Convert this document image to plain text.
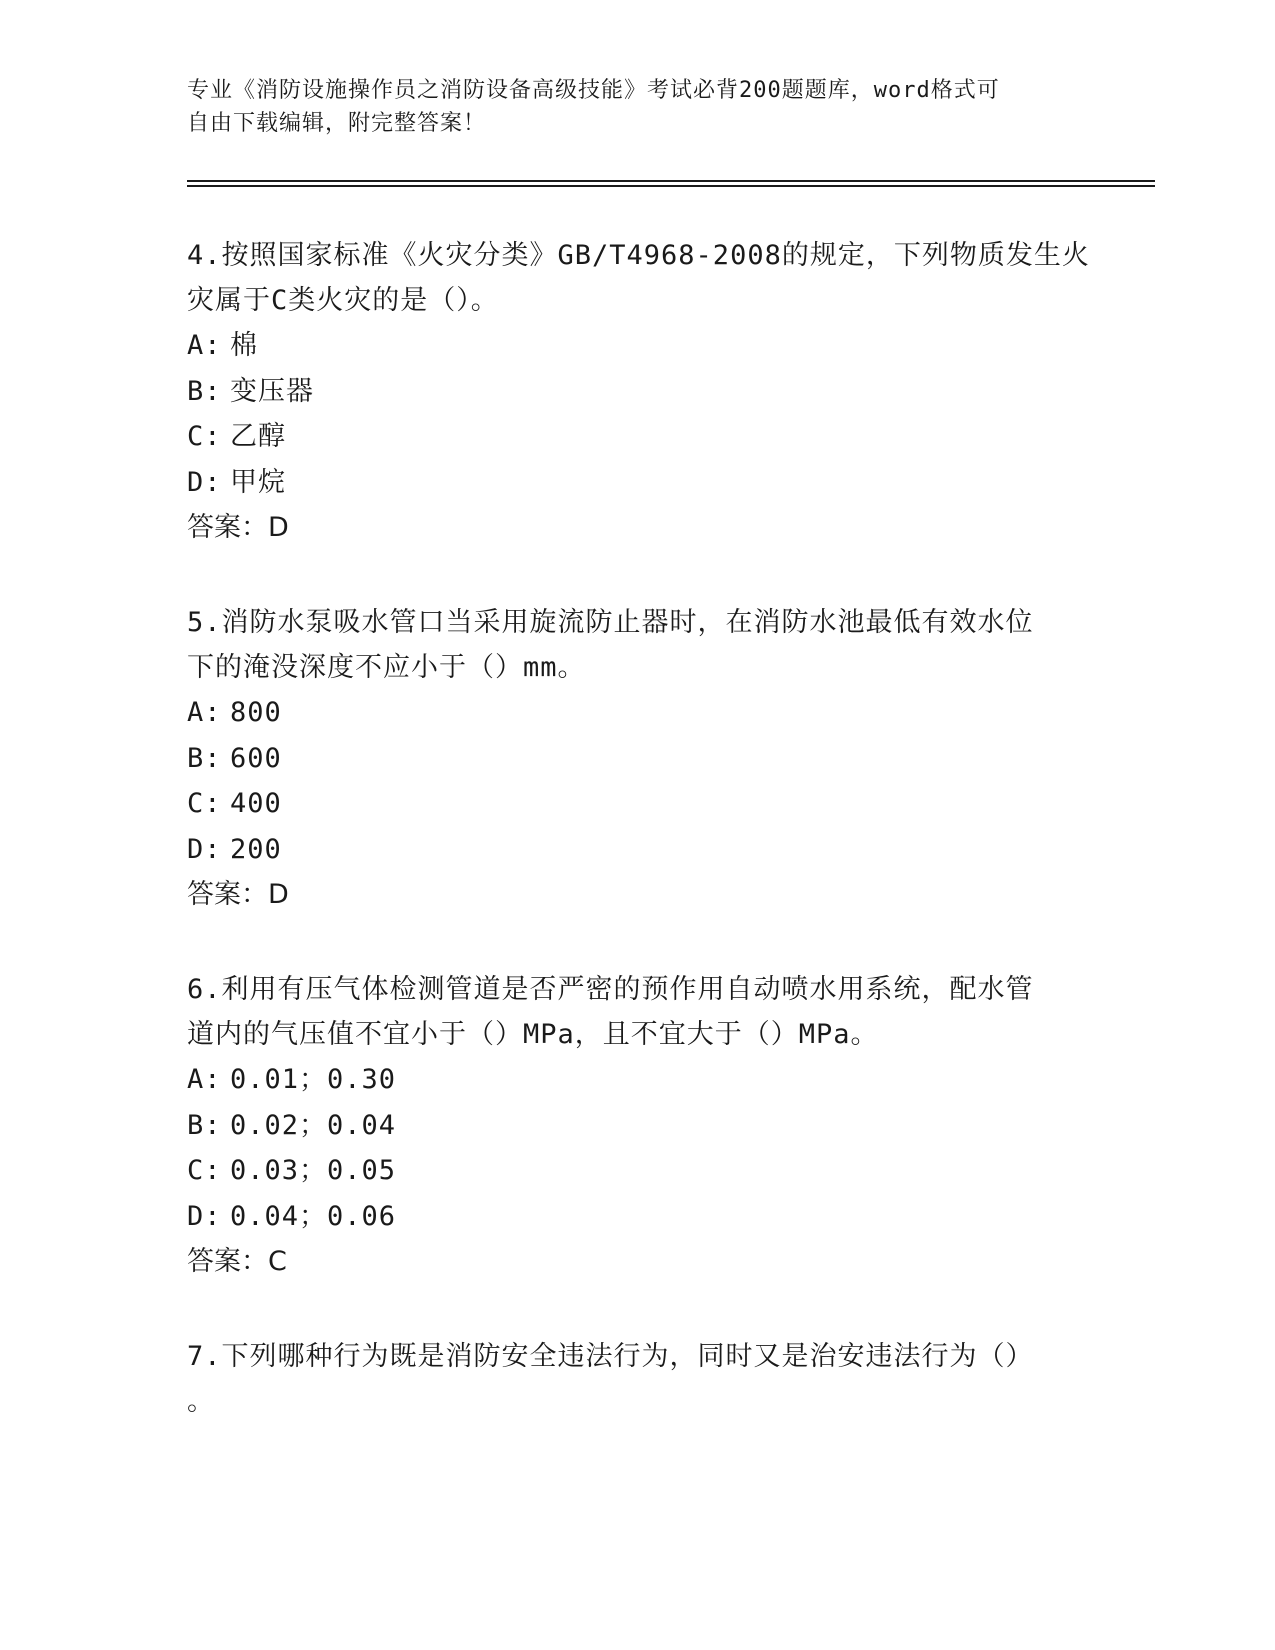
专业《消防设施操作员之消防设备高级技能》考试必背200题题库，word格式可

自由下载编辑，附完整答案！

4.按照国家标准《火灾分类》GB/T4968-2008的规定，下列物质发生火

灾属于C类火灾的是（）。

A: 棉

B: 变压器

C: 乙醇

D: 甲烷

答案：D

5.消防水泵吸水管口当采用旋流防止器时，在消防水池最低有效水位

下的淹没深度不应小于（）mm。

A: 800

B: 600

C: 400

D: 200

答案：D

6.利用有压气体检测管道是否严密的预作用自动喷水用系统，配水管

道内的气压值不宜小于（）MPa，且不宜大于（）MPa。

A: 0.01；0.30

B: 0.02；0.04

C: 0.03；0.05

D: 0.04；0.06

答案：C

7.下列哪种行为既是消防安全违法行为，同时又是治安违法行为（）

。
